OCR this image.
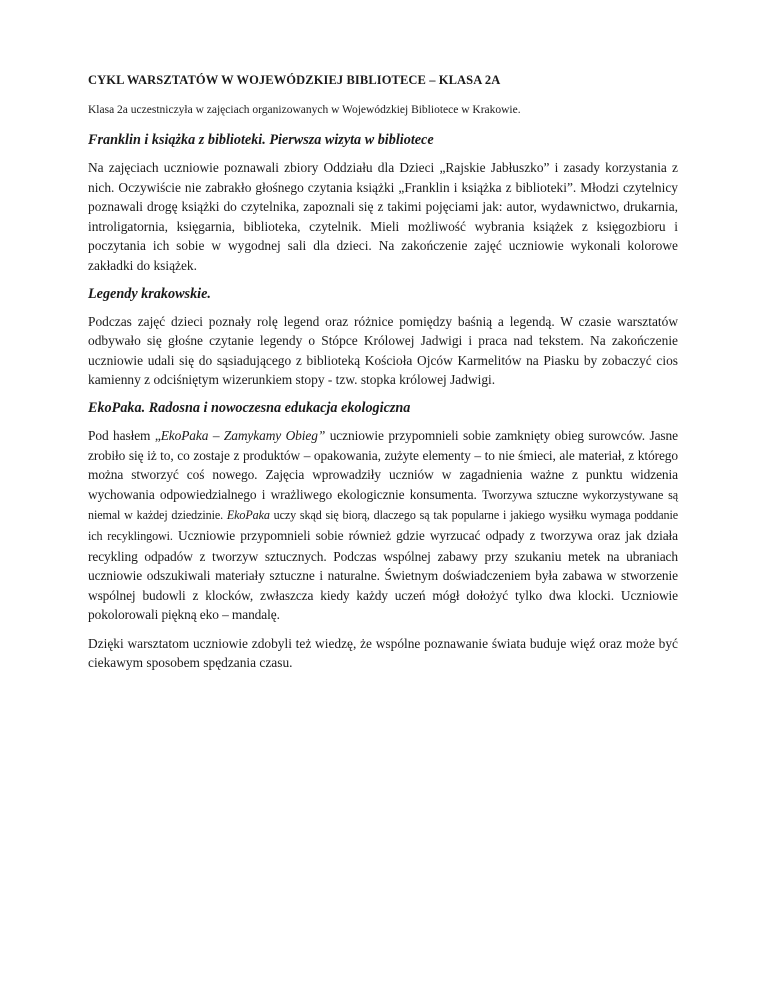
CYKL WARSZTATÓW W WOJEWÓDZKIEJ BIBLIOTECE – KLASA 2A
Klasa 2a uczestniczyła w zajęciach organizowanych w Wojewódzkiej Bibliotece w Krakowie.
Franklin i książka z biblioteki. Pierwsza wizyta w bibliotece

Na zajęciach uczniowie poznawali zbiory Oddziału dla Dzieci „Rajskie Jabłuszko” i zasady korzystania z nich. Oczywiście nie zabrakło głośnego czytania książki „Franklin i książka z biblioteki”. Młodzi czytelnicy poznawali drogę książki do czytelnika, zapoznali się z takimi pojęciami jak: autor, wydawnictwo, drukarnia, introligatornia, księgarnia, biblioteka, czytelnik. Mieli możliwość wybrania książek z księgozbioru i poczytania ich sobie w wygodnej sali dla dzieci. Na zakończenie zajęć uczniowie wykonali kolorowe zakładki do książek.

Legendy krakowskie.

Podczas zajęć dzieci poznały rolę legend oraz różnice pomiędzy baśnią a legendą. W czasie warsztatów odbywało się głośne czytanie legendy o Stópce Królowej Jadwigi i praca nad tekstem. Na zakończenie uczniowie udali się do sąsiadującego z biblioteką Kościoła Ojców Karmelitów na Piasku by zobaczyć cios kamienny z odciśniętym wizerunkiem stopy - tzw. stopka królowej Jadwigi.

EkoPaka. Radosna i nowoczesna edukacja ekologiczna

Pod hasłem „EkoPaka – Zamykamy Obieg” uczniowie przypomnieli sobie zamknięty obieg surowców. Jasne zrobiło się iż to, co zostaje z produktów – opakowania, zużyte elementy – to nie śmieci, ale materiał, z którego można stworzyć coś nowego. Zajęcia wprowadziły uczniów w zagadnienia ważne z punktu widzenia wychowania odpowiedzialnego i wrażliwego ekologicznie konsumenta. Tworzywa sztuczne wykorzystywane są niemal w każdej dziedzinie. EkoPaka uczy skąd się biorą, dlaczego są tak popularne i jakiego wysiłku wymaga poddanie ich recyklingowi. Uczniowie przypomnieli sobie również gdzie wyrzucać odpady z tworzywa oraz jak działa recykling odpadów z tworzyw sztucznych. Podczas wspólnej zabawy przy szukaniu metek na ubraniach uczniowie odszukiwali materiały sztuczne i naturalne. Świetnym doświadczeniem była zabawa w stworzenie wspólnej budowli z klocków, zwłaszcza kiedy każdy uczeń mógł dołożyć tylko dwa klocki. Uczniowie pokolorowali piękną eko – mandalę.

Dzięki warsztatom uczniowie zdobyli też wiedzę, że wspólne poznawanie świata buduje więź oraz może być ciekawym sposobem spędzania czasu.
